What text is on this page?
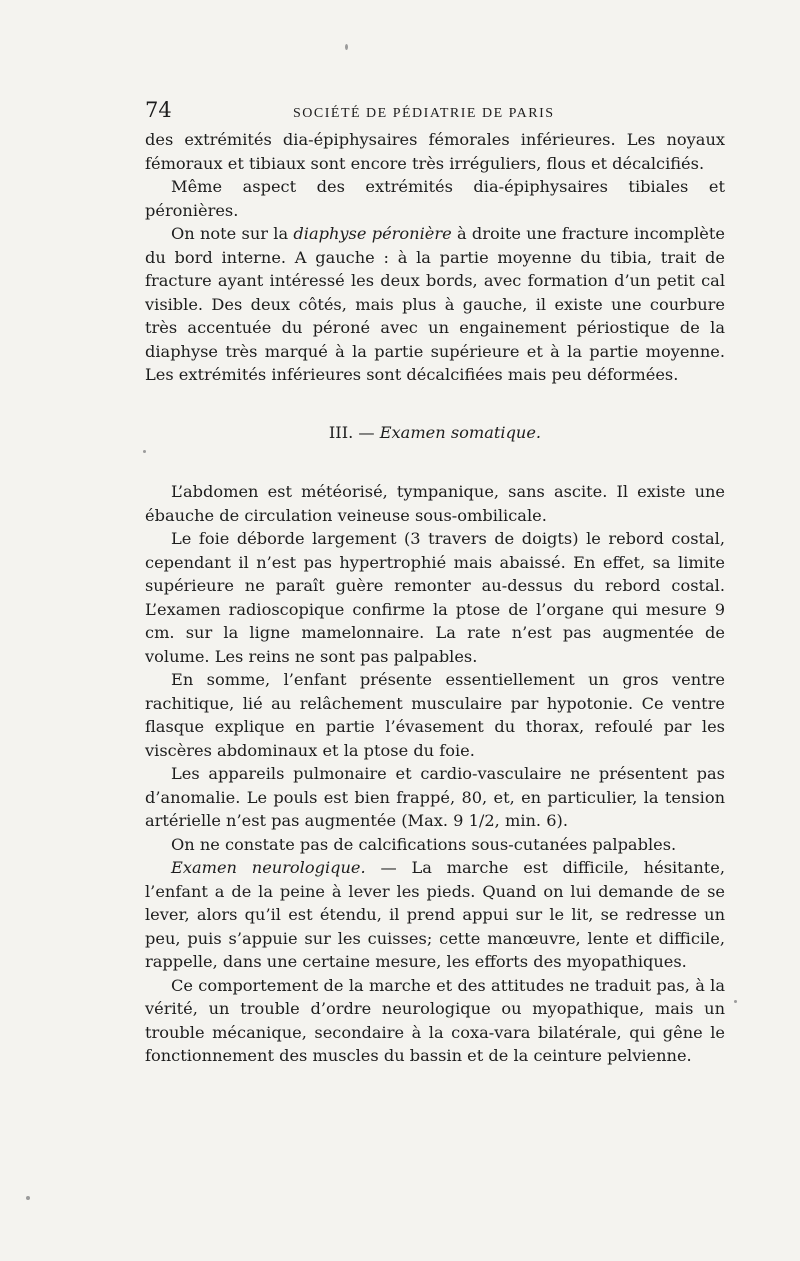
74	SOCIÉTÉ DE PÉDIATRIE DE PARIS

des extrémités dia-épiphysaires fémorales inférieures. Les noyaux fémoraux et tibiaux sont encore très irréguliers, flous et décalcifiés.

Même aspect des extrémités dia-épiphysaires tibiales et péronières.

On note sur la diaphyse péronière à droite une fracture incomplète du bord interne. A gauche : à la partie moyenne du tibia, trait de fracture ayant intéressé les deux bords, avec formation d’un petit cal visible. Des deux côtés, mais plus à gauche, il existe une courbure très accentuée du péroné avec un engainement périostique de la diaphyse très marqué à la partie supérieure et à la partie moyenne. Les extrémités inférieures sont décalcifiées mais peu déformées.

III. — Examen somatique.

L’abdomen est météorisé, tympanique, sans ascite. Il existe une ébauche de circulation veineuse sous-ombilicale.

Le foie déborde largement (3 travers de doigts) le rebord costal, cependant il n’est pas hypertrophié mais abaissé. En effet, sa limite supérieure ne paraît guère remonter au-dessus du rebord costal. L’examen radioscopique confirme la ptose de l’organe qui mesure 9 cm. sur la ligne mamelonnaire. La rate n’est pas augmentée de volume. Les reins ne sont pas palpables.

En somme, l’enfant présente essentiellement un gros ventre rachitique, lié au relâchement musculaire par hypotonie. Ce ventre flasque explique en partie l’évasement du thorax, refoulé par les viscères abdominaux et la ptose du foie.

Les appareils pulmonaire et cardio-vasculaire ne présentent pas d’anomalie. Le pouls est bien frappé, 80, et, en particulier, la tension artérielle n’est pas augmentée (Max. 9 1/2, min. 6).

On ne constate pas de calcifications sous-cutanées palpables.

Examen neurologique. — La marche est difficile, hésitante, l’enfant a de la peine à lever les pieds. Quand on lui demande de se lever, alors qu’il est étendu, il prend appui sur le lit, se redresse un peu, puis s’appuie sur les cuisses; cette manœuvre, lente et difficile, rappelle, dans une certaine mesure, les efforts des myopathiques.

Ce comportement de la marche et des attitudes ne traduit pas, à la vérité, un trouble d’ordre neurologique ou myopathique, mais un trouble mécanique, secondaire à la coxa-vara bilatérale, qui gêne le fonctionnement des muscles du bassin et de la ceinture pelvienne.
